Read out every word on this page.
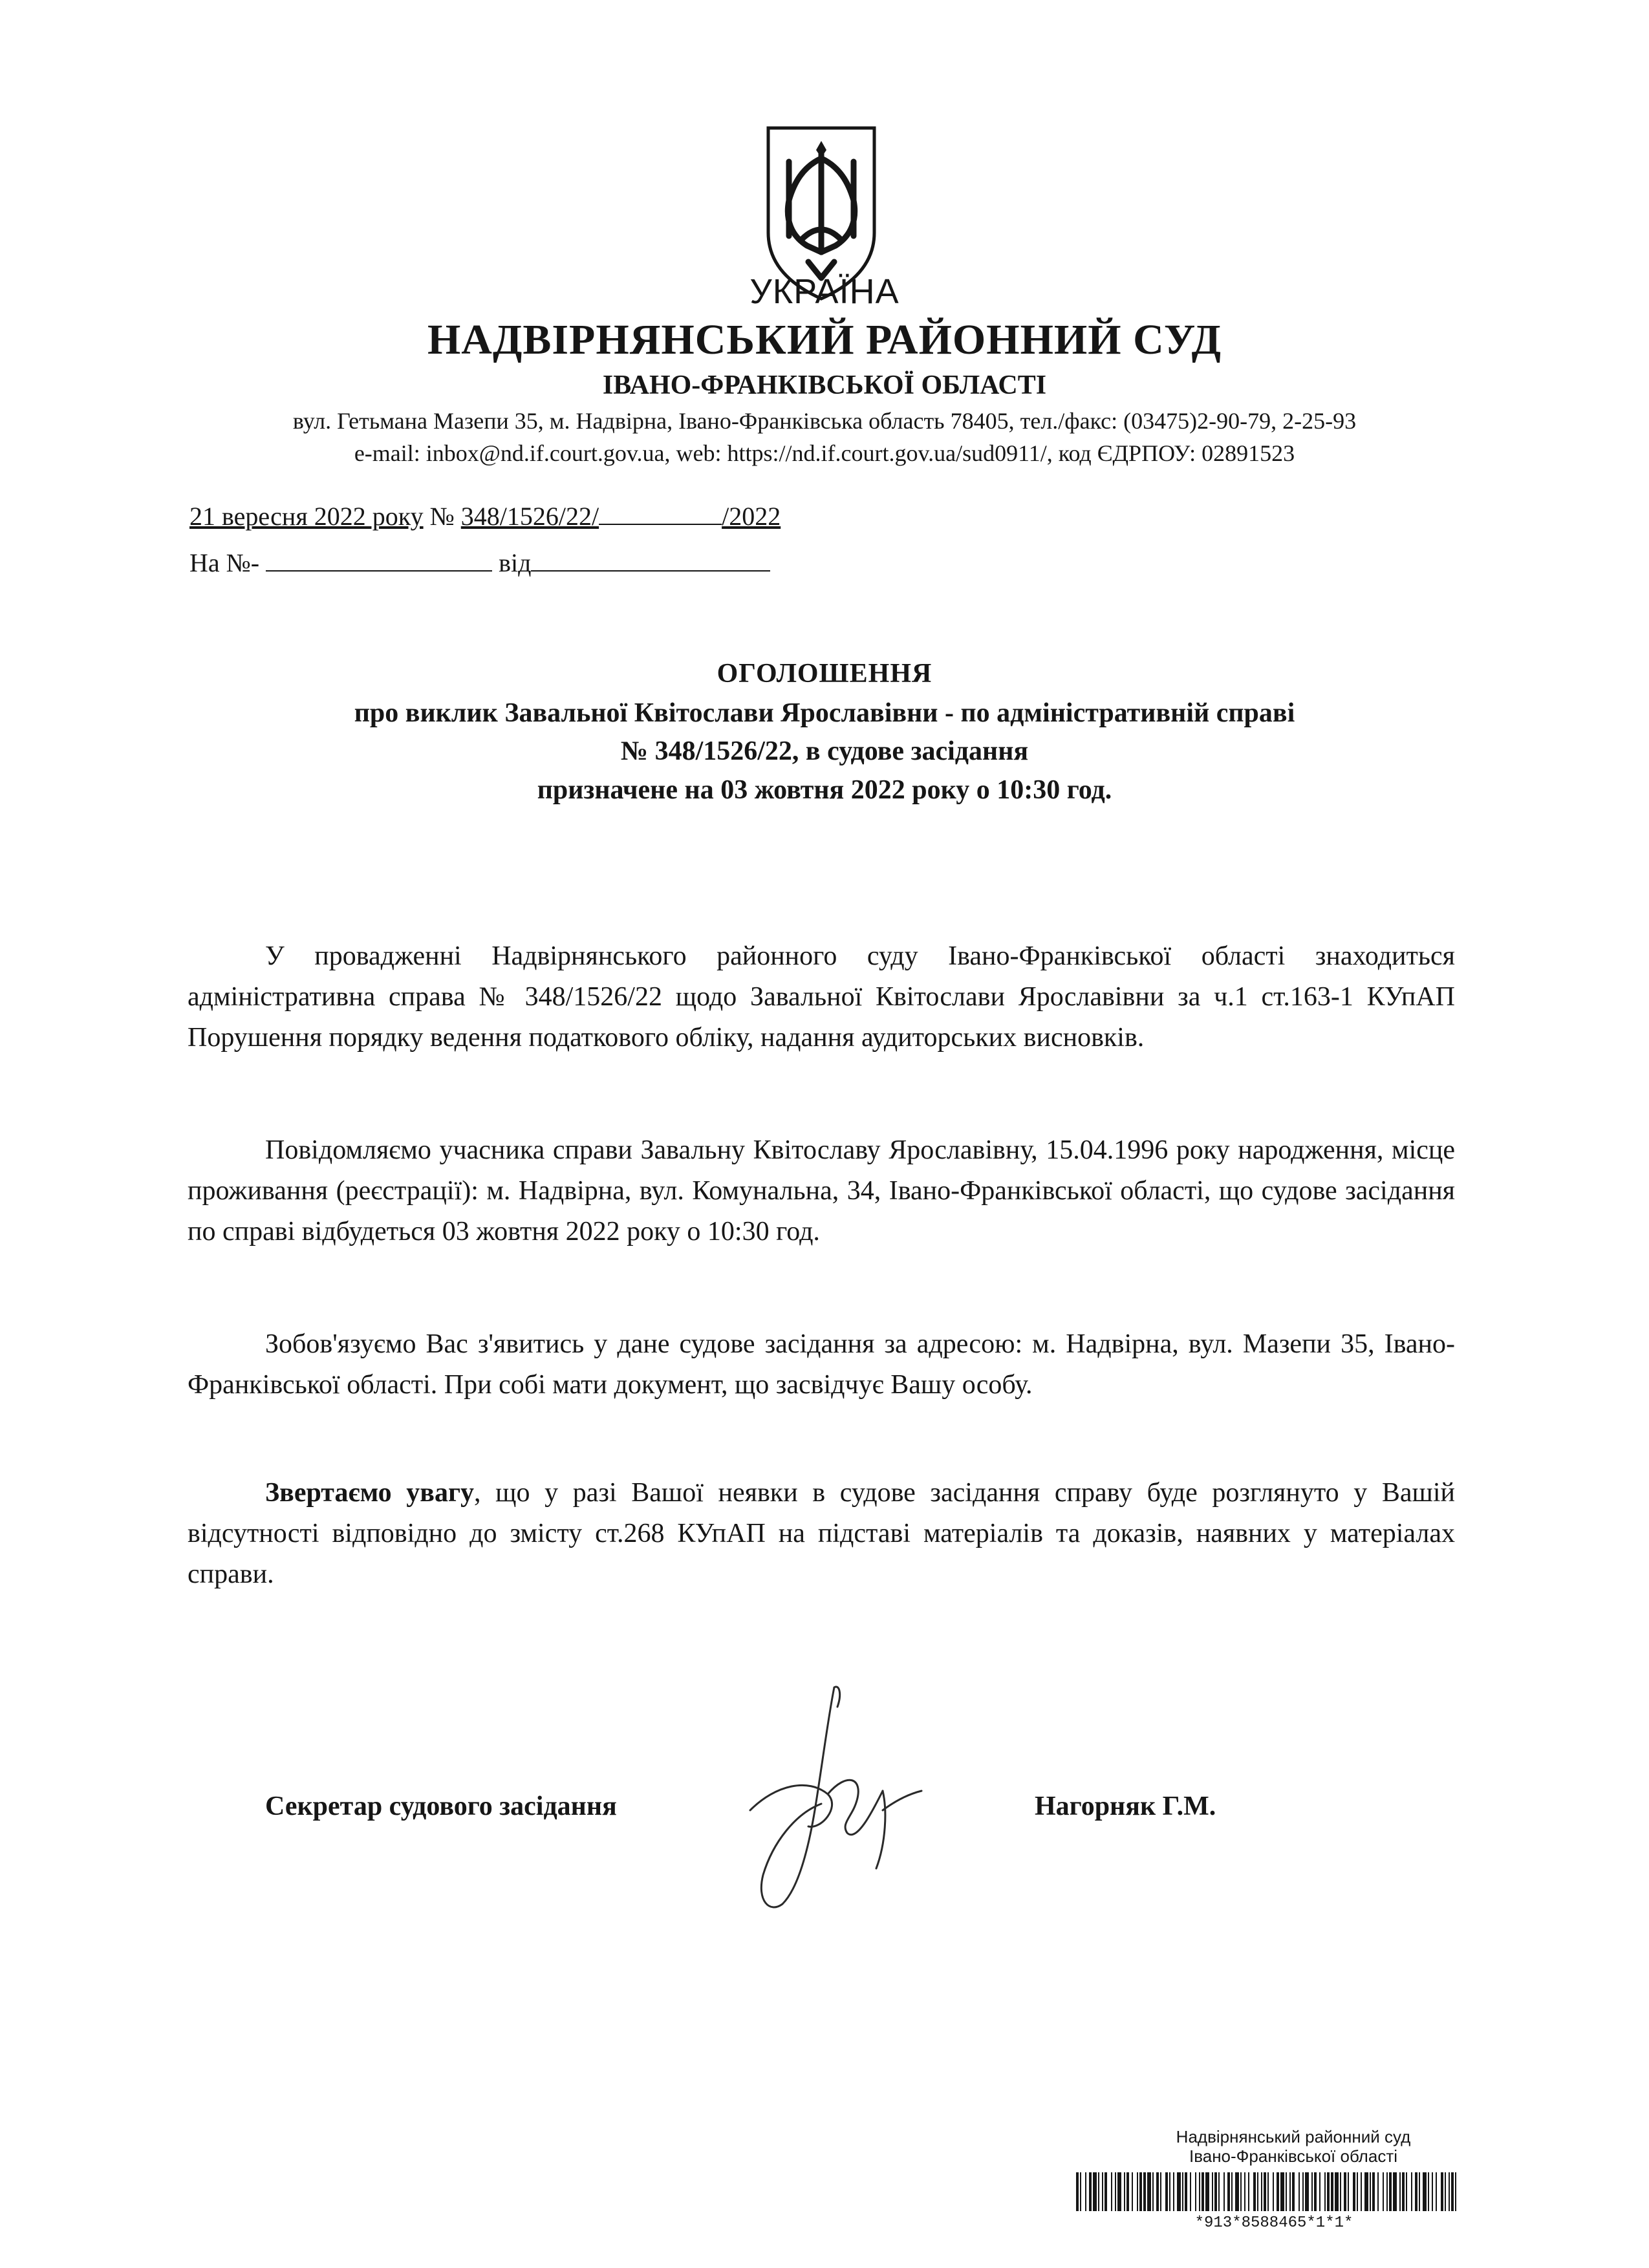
УКРАЇНА
НАДВІРНЯНСЬКИЙ РАЙОННИЙ СУД
ІВАНО-ФРАНКІВСЬКОЇ ОБЛАСТІ
вул. Гетьмана Мазепи 35, м. Надвірна, Івано-Франківська область 78405, тел./факс: (03475)2-90-79, 2-25-93
e-mail: inbox@nd.if.court.gov.ua, web: https://nd.if.court.gov.ua/sud0911/, код ЄДРПОУ: 02891523
21 вересня 2022 року № 348/1526/22/	/2022
На №-	від
ОГОЛОШЕННЯ
про виклик Завальної Квітослави Ярославівни - по адміністративній справі
№ 348/1526/22, в судове засідання
призначене на 03 жовтня 2022 року о 10:30 год.
У провадженні Надвірнянського районного суду Івано-Франківської області знаходиться адміністративна справа № 348/1526/22 щодо Завальної Квітослави Ярославівни за ч.1 ст.163-1 КУпАП Порушення порядку ведення податкового обліку, надання аудиторських висновків.
Повідомляємо учасника справи Завальну Квітославу Ярославівну, 15.04.1996 року народження, місце проживання (реєстрації): м. Надвірна, вул. Комунальна, 34, Івано-Франківської області, що судове засідання по справі відбудеться 03 жовтня 2022 року о 10:30 год.
Зобов'язуємо Вас з'явитись у дане судове засідання за адресою: м. Надвірна, вул. Мазепи 35, Івано-Франківської області. При собі мати документ, що засвідчує Вашу особу.
Звертаємо увагу, що у разі Вашої неявки в судове засідання справу буде розглянуто у Вашій відсутності відповідно до змісту ст.268 КУпАП на підставі матеріалів та доказів, наявних у матеріалах справи.
Секретар судового засідання	Нагорняк Г.М.
Надвірнянський районний суд
Івано-Франківської області
*913*8588465*1*1*
